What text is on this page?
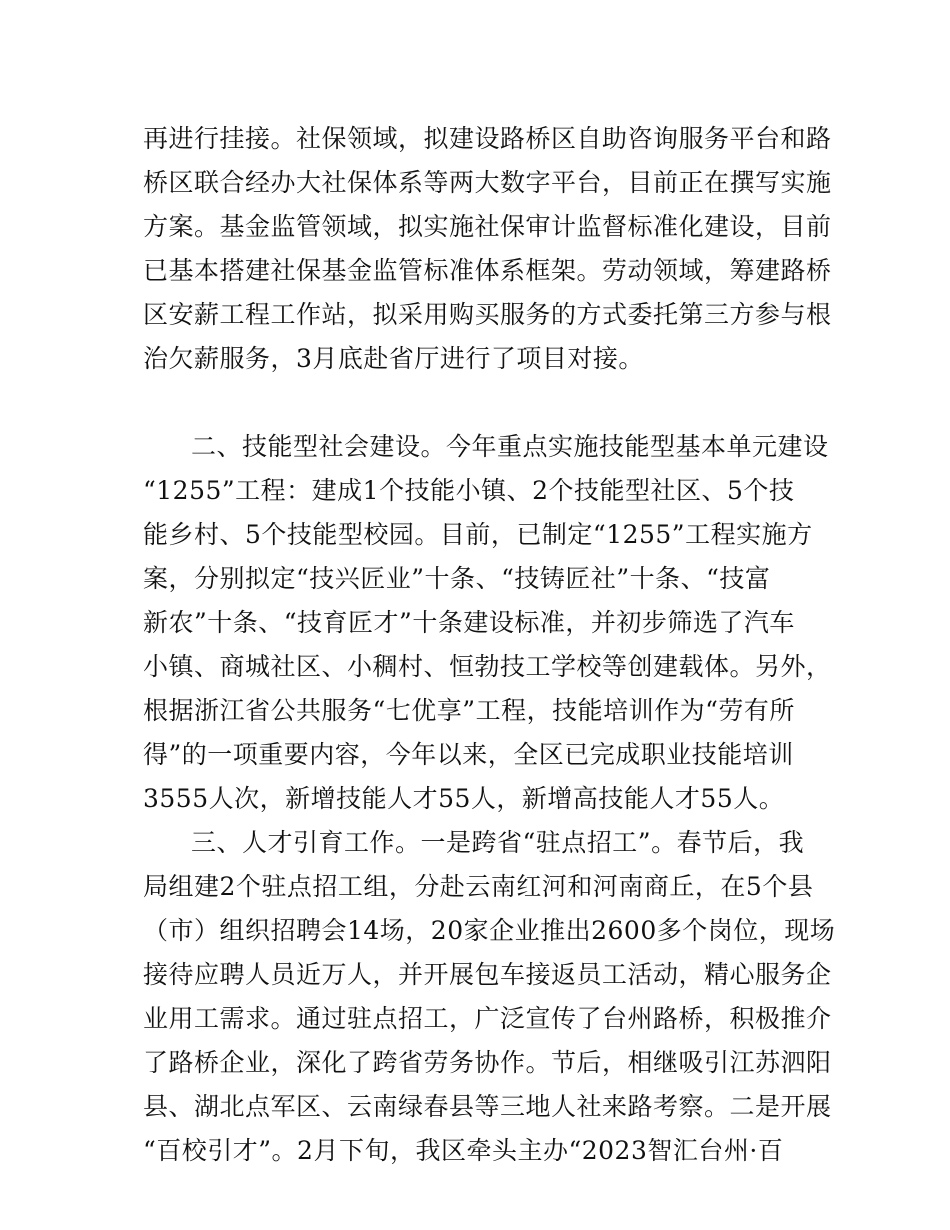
再进行挂接。社保领域，拟建设路桥区自助咨询服务平台和路
桥区联合经办大社保体系等两大数字平台，目前正在撰写实施
方案。基金监管领域，拟实施社保审计监督标准化建设，目前
已基本搭建社保基金监管标准体系框架。劳动领域，筹建路桥
区安薪工程工作站，拟采用购买服务的方式委托第三方参与根
治欠薪服务，3月底赴省厅进行了项目对接。
二、技能型社会建设。今年重点实施技能型基本单元建设
“1255”工程：建成1个技能小镇、2个技能型社区、5个技
能乡村、5个技能型校园。目前，已制定“1255”工程实施方
案，分别拟定“技兴匠业”十条、“技铸匠社”十条、“技富
新农”十条、“技育匠才”十条建设标准，并初步筛选了汽车
小镇、商城社区、小稠村、恒勃技工学校等创建载体。另外，
根据浙江省公共服务“七优享”工程，技能培训作为“劳有所
得”的一项重要内容，今年以来，全区已完成职业技能培训
3555人次，新增技能人才55人，新增高技能人才55人。
三、人才引育工作。一是跨省“驻点招工”。春节后，我
局组建2个驻点招工组，分赴云南红河和河南商丘，在5个县
（市）组织招聘会14场，20家企业推出2600多个岗位，现场
接待应聘人员近万人，并开展包车接返员工活动，精心服务企
业用工需求。通过驻点招工，广泛宣传了台州路桥，积极推介
了路桥企业，深化了跨省劳务协作。节后，相继吸引江苏泗阳
县、湖北点军区、云南绿春县等三地人社来路考察。二是开展
“百校引才”。2月下旬，我区牵头主办“2023智汇台州·百
